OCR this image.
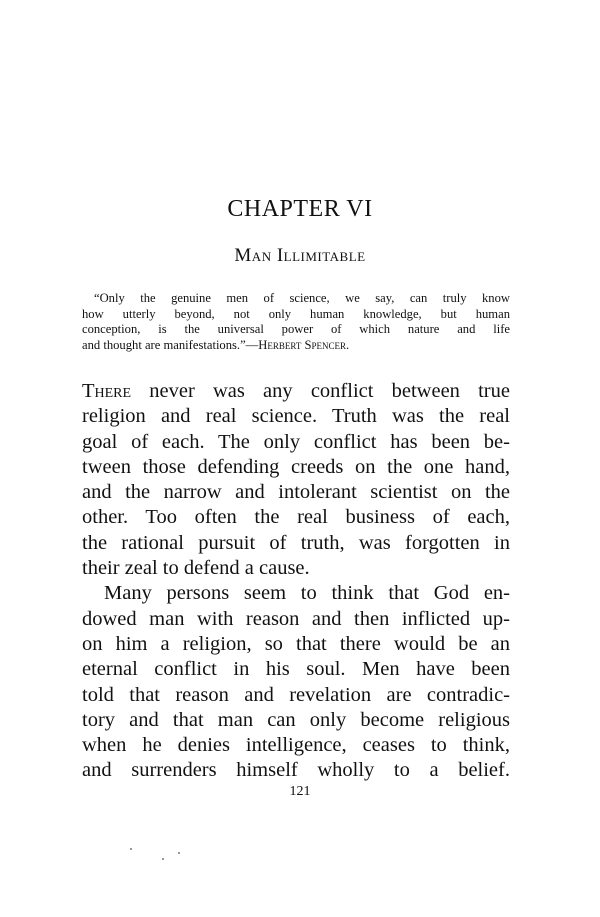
CHAPTER VI
Man Illimitable
“Only the genuine men of science, we say, can truly know
how utterly beyond, not only human knowledge, but human
conception, is the universal power of which nature and life
and thought are manifestations.”—Herbert Spencer.
There never was any conflict between true
religion and real science. Truth was the real
goal of each. The only conflict has been be-
tween those defending creeds on the one hand,
and the narrow and intolerant scientist on the
other. Too often the real business of each,
the rational pursuit of truth, was forgotten in
their zeal to defend a cause.
Many persons seem to think that God en-
dowed man with reason and then inflicted up-
on him a religion, so that there would be an
eternal conflict in his soul. Men have been
told that reason and revelation are contradic-
tory and that man can only become religious
when he denies intelligence, ceases to think,
and surrenders himself wholly to a belief.
121
